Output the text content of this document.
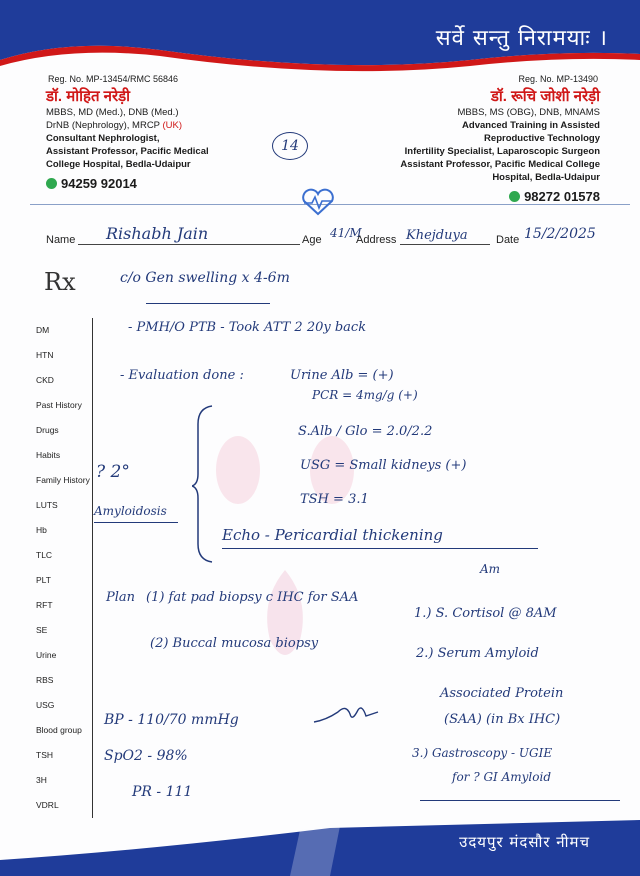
सर्वे सन्तु निरामयाः ।
Reg. No. MP-13454/RMC 56846
डॉ. मोहित नरेड़ी
MBBS, MD (Med.), DNB (Med.)
DrNB (Nephrology), MRCP (UK)
Consultant Nephrologist,
Assistant Professor, Pacific Medical
College Hospital, Bedla-Udaipur
94259 92014
Reg. No. MP-13490
डॉ. रूचि जोशी नरेड़ी
MBBS, MS (OBG), DNB, MNAMS
Advanced Training in Assisted
Reproductive Technology
Infertility Specialist, Laparoscopic Surgeon
Assistant Professor, Pacific Medical College
Hospital, Bedla-Udaipur
98272 01578
14
Name Rishabh Jain	Age 41/M
Address Khejduya	Date 15/2/2025
Rx
DM
HTN
CKD
Past History
Drugs
Habits
Family History
LUTS
Hb
TLC
PLT
RFT
SE
Urine
RBS
USG
Blood group
TSH
3H
VDRL
c/o Gen swelling x 4-6m
- PMH/O PTB - Took ATT 2 20y back
- Evaluation done :	Urine Alb = (+)
PCR = 4mg/g (+)
S.Alb / Glo = 2.0/2.2
USG = Small kidneys (+)
TSH = 3.1
Echo - Pericardial thickening
? 2°
Amyloidosis
Am
Plan (1) fat pad biopsy c IHC for SAA
(2) Buccal mucosa biopsy
1.) S. Cortisol @ 8AM
2.) Serum Amyloid
Associated Protein
(SAA) (in Bx IHC)
3.) Gastroscopy - UGIE
for ? GI Amyloid
BP - 110/70 mmHg
SpO2 - 98%
PR - 111
उदयपुर मंदसौर नीमच
